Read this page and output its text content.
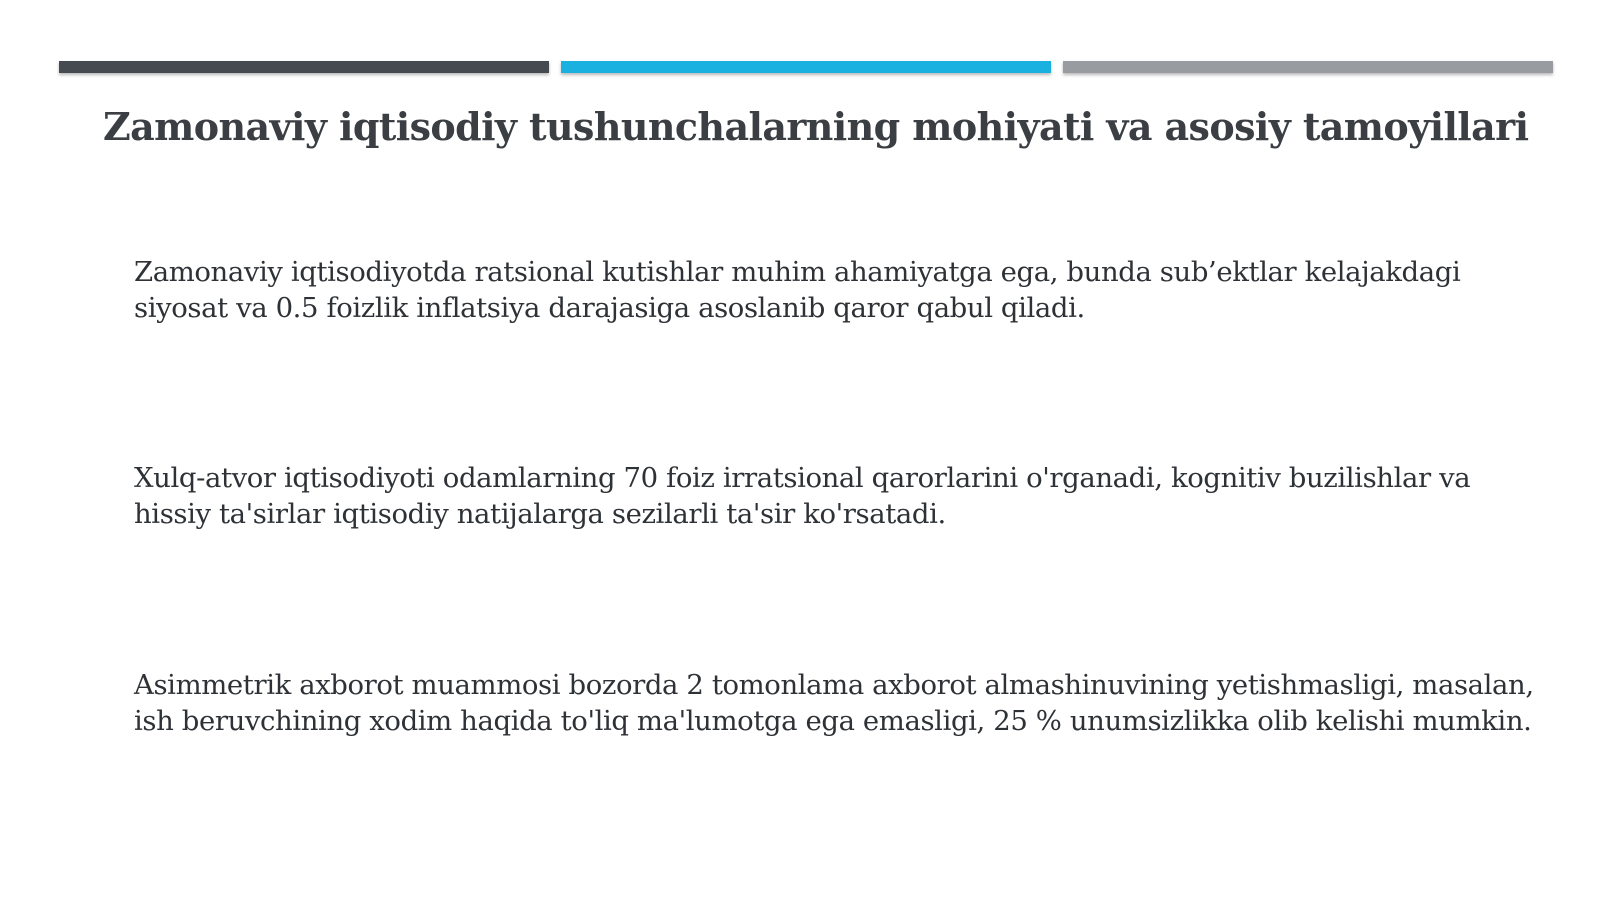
Zamonaviy iqtisodiy tushunchalarning mohiyati va asosiy tamoyillari

Zamonaviy iqtisodiyotda ratsional kutishlar muhim ahamiyatga ega, bunda sub’ektlar kelajakdagi siyosat va 0.5 foizlik inflatsiya darajasiga asoslanib qaror qabul qiladi.

Xulq-atvor iqtisodiyoti odamlarning 70 foiz irratsional qarorlarini o'rganadi, kognitiv buzilishlar va hissiy ta'sirlar iqtisodiy natijalarga sezilarli ta'sir ko'rsatadi.

Asimmetrik axborot muammosi bozorda 2 tomonlama axborot almashinuvining yetishmasligi, masalan, ish beruvchining xodim haqida to'liq ma'lumotga ega emasligi, 25 % unumsizlikka olib kelishi mumkin.
